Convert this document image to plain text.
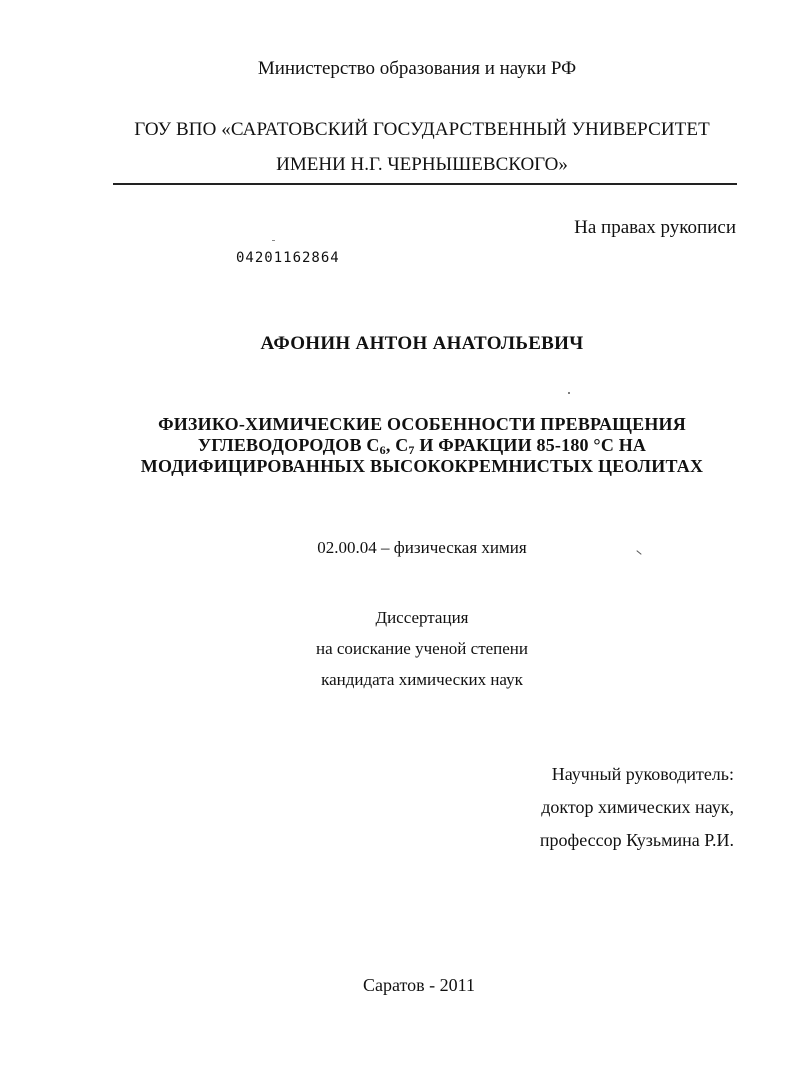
Министерство образования и науки РФ
ГОУ ВПО «САРАТОВСКИЙ ГОСУДАРСТВЕННЫЙ УНИВЕРСИТЕТ
ИМЕНИ Н.Г. ЧЕРНЫШЕВСКОГО»
На правах рукописи
04201162864
АФОНИН АНТОН АНАТОЛЬЕВИЧ
ФИЗИКО-ХИМИЧЕСКИЕ ОСОБЕННОСТИ ПРЕВРАЩЕНИЯ
УГЛЕВОДОРОДОВ $С_6$, $С_7$ И ФРАКЦИИ 85-180 °С НА
МОДИФИЦИРОВАННЫХ ВЫСОКОКРЕМНИСТЫХ ЦЕОЛИТАХ
02.00.04 – физическая химия
Диссертация
на соискание ученой степени
кандидата химических наук
Научный руководитель:
доктор химических наук,
профессор Кузьмина Р.И.
Саратов - 2011
